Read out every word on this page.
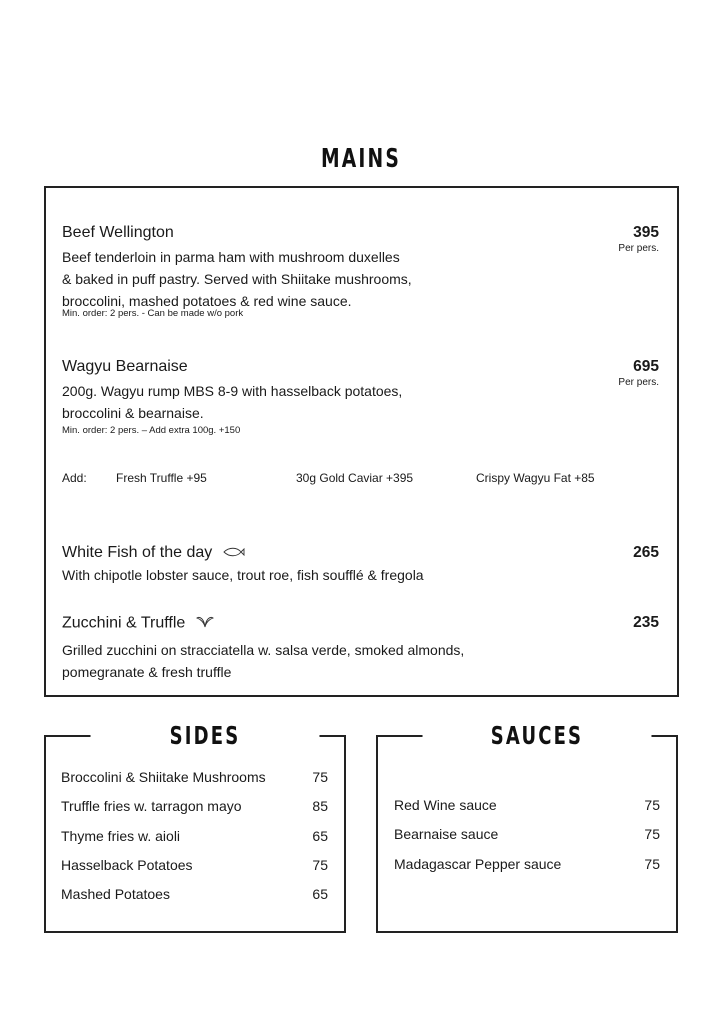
MAINS
Beef Wellington	395
Per pers.
Beef tenderloin in parma ham with mushroom duxelles
& baked in puff pastry. Served with Shiitake mushrooms,
broccolini, mashed potatoes & red wine sauce.
Min. order: 2 pers. - Can be made w/o pork
Wagyu Bearnaise	695
Per pers.
200g. Wagyu rump MBS 8-9 with hasselback potatoes,
broccolini & bearnaise.
Min. order: 2 pers. – Add extra 100g. +150
Add: Fresh Truffle +95	30g Gold Caviar +395	Crispy Wagyu Fat +85
White Fish of the day	265
With chipotle lobster sauce, trout roe, fish soufflé & fregola
Zucchini & Truffle	235
Grilled zucchini on stracciatella w. salsa verde, smoked almonds,
pomegranate & fresh truffle
SIDES
Broccolini & Shiitake Mushrooms	75
Truffle fries w. tarragon mayo	85
Thyme fries w. aioli	65
Hasselback Potatoes	75
Mashed Potatoes	65
SAUCES
Red Wine sauce	75
Bearnaise sauce	75
Madagascar Pepper sauce	75
